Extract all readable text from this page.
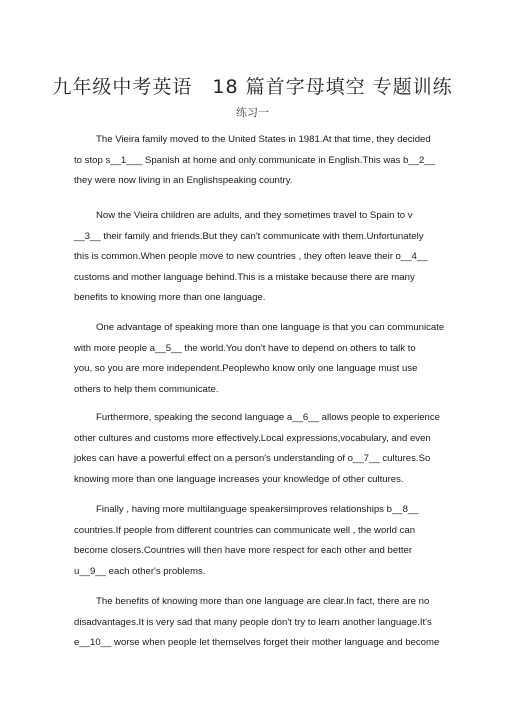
九年级中考英语　18 篇首字母填空 专题训练
练习一
The Vieira family moved to the United States in 1981.At that time, they decided
to stop s__1___ Spanish at home and only communicate in English.This was b__2__
they were now living in an Englishspeaking country.
Now the Vieira children are adults, and they sometimes travel to Spain to v
__3__ their family and friends.But they can't communicate with them.Unfortunately
this is common.When people move to new countries , they often leave their o__4__
customs and mother language behind.This is a mistake because there are many
benefits to knowing more than one language.
One advantage of speaking more than one language is that you can communicate
with more people a__5__ the world.You don't have to depend on others to talk to
you, so you are more independent.Peoplewho know only one language must use
others to help them communicate.
Furthermore, speaking the second language a__6__ allows people to experience
other cultures and customs more effectively.Local expressions,vocabulary, and even
jokes can have a powerful effect on a person's understanding of o__7__ cultures.So
knowing more than one language increases your knowledge of other cultures.
Finally , having more multilanguage speakersimproves relationships b__8__
countries.If people from different countries can communicate well , the world can
become closers.Countries will then have more respect for each other and better
u__9__ each other's problems.
The benefits of knowing more than one language are clear.In fact, there are no
disadvantages.It is very sad that many people don't try to learn another language.It's
e__10__ worse when people let themselves forget their mother language and become
